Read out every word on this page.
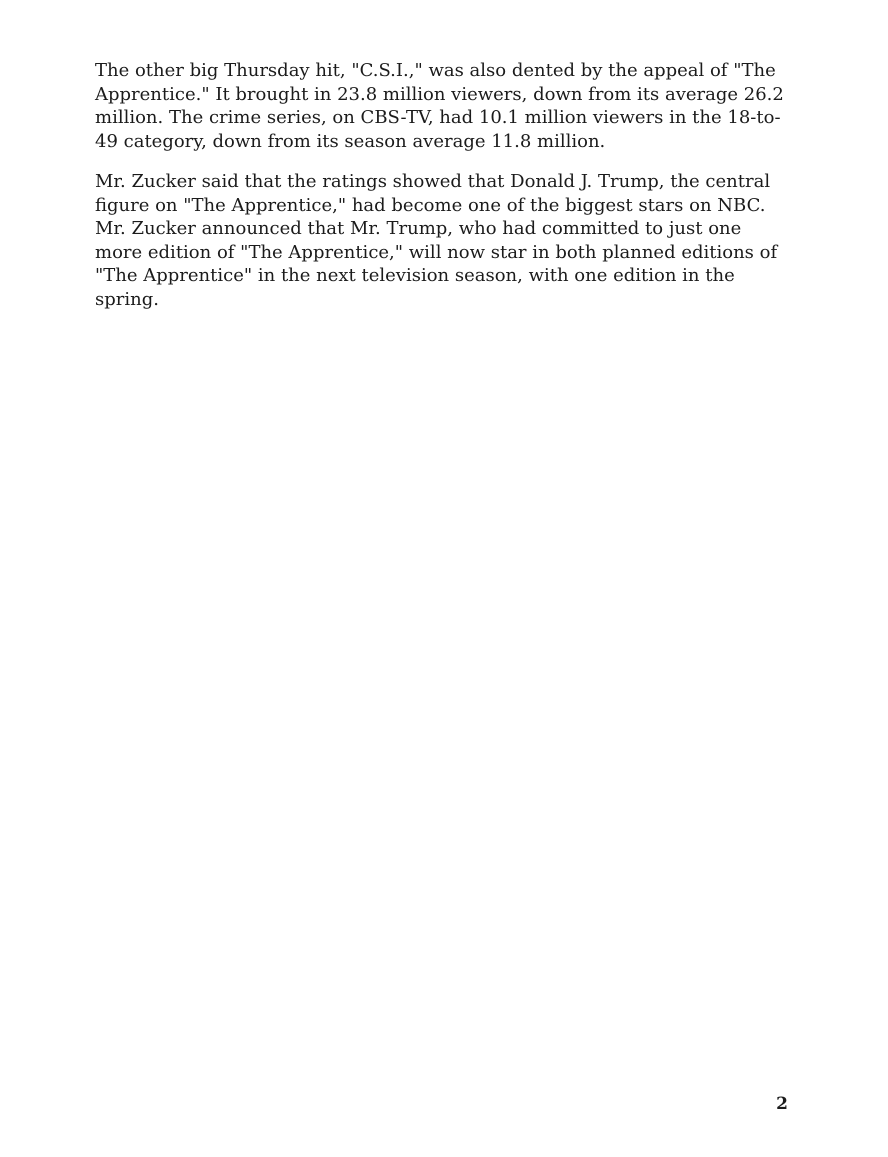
The other big Thursday hit, "C.S.I.," was also dented by the appeal of "The
Apprentice." It brought in 23.8 million viewers, down from its average 26.2
million. The crime series, on CBS-TV, had 10.1 million viewers in the 18-to-
49 category, down from its season average 11.8 million.
Mr. Zucker said that the ratings showed that Donald J. Trump, the central
figure on "The Apprentice," had become one of the biggest stars on NBC.
Mr. Zucker announced that Mr. Trump, who had committed to just one
more edition of "The Apprentice," will now star in both planned editions of
"The Apprentice" in the next television season, with one edition in the
spring.
2
